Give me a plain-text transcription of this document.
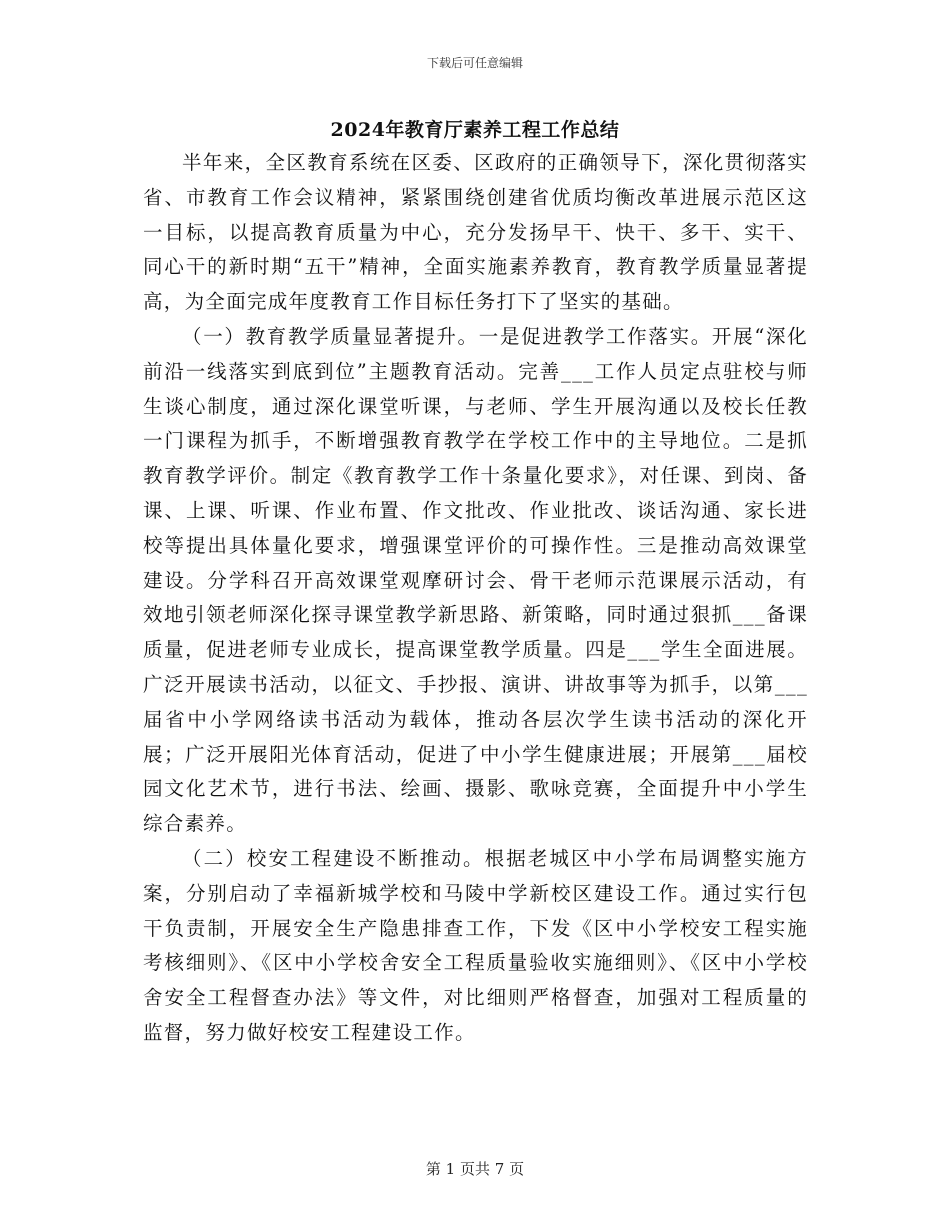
下载后可任意编辑
2024年教育厅素养工程工作总结

半年来，全区教育系统在区委、区政府的正确领导下，深化贯彻落实省、市教育工作会议精神，紧紧围绕创建省优质均衡改革进展示范区这一目标，以提高教育质量为中心，充分发扬早干、快干、多干、实干、同心干的新时期“五干”精神，全面实施素养教育，教育教学质量显著提高，为全面完成年度教育工作目标任务打下了坚实的基础。

（一）教育教学质量显著提升。一是促进教学工作落实。开展“深化前沿一线落实到底到位”主题教育活动。完善___工作人员定点驻校与师生谈心制度，通过深化课堂听课，与老师、学生开展沟通以及校长任教一门课程为抓手，不断增强教育教学在学校工作中的主导地位。二是抓教育教学评价。制定《教育教学工作十条量化要求》，对任课、到岗、备课、上课、听课、作业布置、作文批改、作业批改、谈话沟通、家长进校等提出具体量化要求，增强课堂评价的可操作性。三是推动高效课堂建设。分学科召开高效课堂观摩研讨会、骨干老师示范课展示活动，有效地引领老师深化探寻课堂教学新思路、新策略，同时通过狠抓___备课质量，促进老师专业成长，提高课堂教学质量。四是___学生全面进展。广泛开展读书活动，以征文、手抄报、演讲、讲故事等为抓手，以第___届省中小学网络读书活动为载体，推动各层次学生读书活动的深化开展；广泛开展阳光体育活动，促进了中小学生健康进展；开展第___届校园文化艺术节，进行书法、绘画、摄影、歌咏竞赛，全面提升中小学生综合素养。

（二）校安工程建设不断推动。根据老城区中小学布局调整实施方案，分别启动了幸福新城学校和马陵中学新校区建设工作。通过实行包干负责制，开展安全生产隐患排查工作，下发《区中小学校安工程实施考核细则》、《区中小学校舍安全工程质量验收实施细则》、《区中小学校舍安全工程督查办法》等文件，对比细则严格督查，加强对工程质量的监督，努力做好校安工程建设工作。

第 1 页共 7 页
